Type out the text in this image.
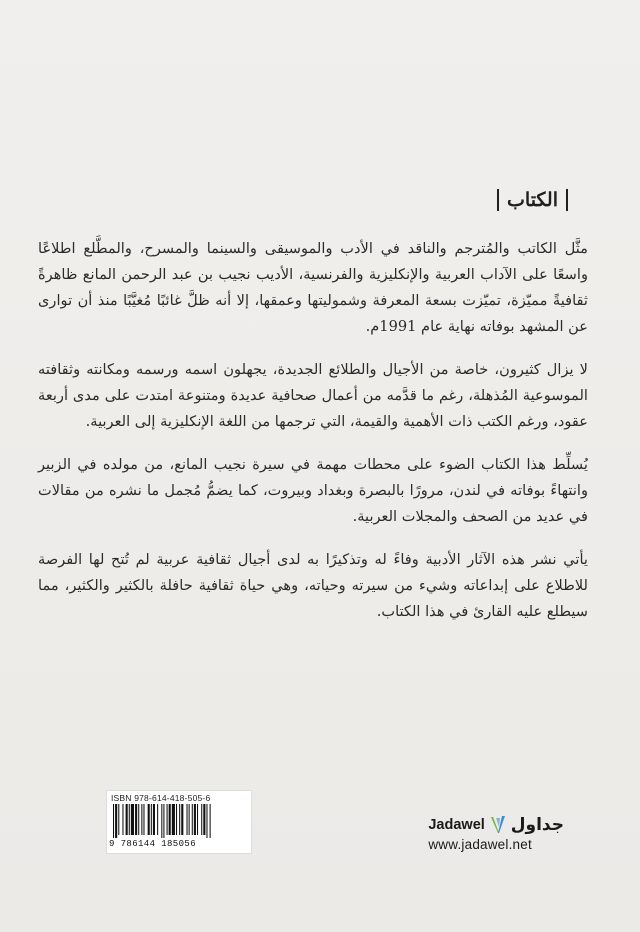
الكتاب

مثَّل الكاتب والمُترجم والناقد في الأدب والموسيقى والسينما والمسرح، والمطَّلع اطلاعًا واسعًا على الآداب العربية والإنكليزية والفرنسية، الأديب نجيب بن عبد الرحمن المانع ظاهرةً ثقافيةً مميّزة، تميّزت بسعة المعرفة وشموليتها وعمقها، إلا أنه ظلَّ غائبًا مُغيَّبًا منذ أن توارى عن المشهد بوفاته نهاية عام 1991م.

لا يزال كثيرون، خاصة من الأجيال والطلائع الجديدة، يجهلون اسمه ورسمه ومكانته وثقافته الموسوعية المُذهلة، رغم ما قدَّمه من أعمال صحافية عديدة ومتنوعة امتدت على مدى أربعة عقود، ورغم الكتب ذات الأهمية والقيمة، التي ترجمها من اللغة الإنكليزية إلى العربية.

يُسلِّط هذا الكتاب الضوء على محطات مهمة في سيرة نجيب المانع، من مولده في الزبير وانتهاءً بوفاته في لندن، مرورًا بالبصرة وبغداد وبيروت، كما يضمُّ مُجمل ما نشره من مقالات في عديد من الصحف والمجلات العربية.

يأتي نشر هذه الآثار الأدبية وفاءً له وتذكيرًا به لدى أجيال ثقافية عربية لم تُتح لها الفرصة للاطلاع على إبداعاته وشيء من سيرته وحياته، وهي حياة ثقافية حافلة بالكثير والكثير، مما سيطلع عليه القارئ في هذا الكتاب.

ISBN 978-614-418-505-6
9 786144 185056
Jadawel جداول
www.jadawel.net
